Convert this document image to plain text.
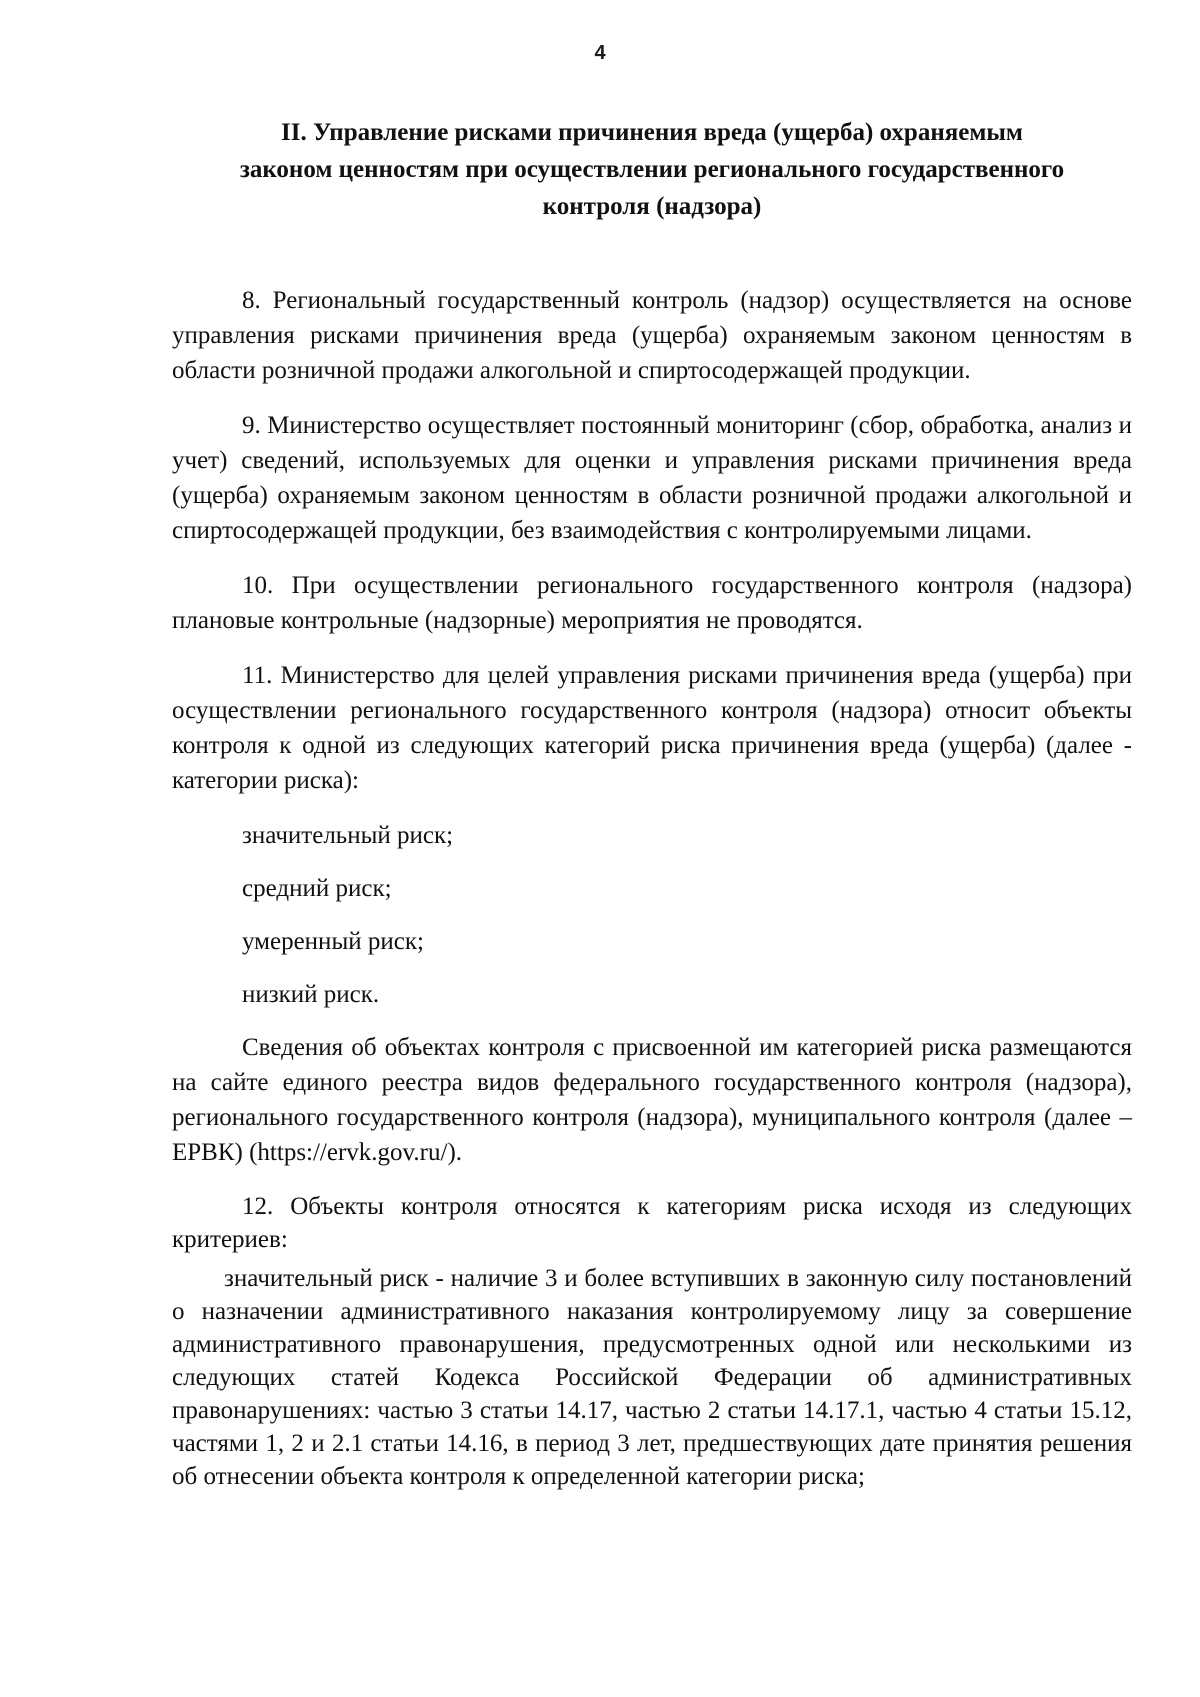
4
II. Управление рисками причинения вреда (ущерба) охраняемым
законом ценностям при осуществлении регионального государственного
контроля (надзора)

8. Региональный государственный контроль (надзор) осуществляется на основе управления рисками причинения вреда (ущерба) охраняемым законом ценностям в области розничной продажи алкогольной и спиртосодержащей продукции.

9. Министерство осуществляет постоянный мониторинг (сбор, обработка, анализ и учет) сведений, используемых для оценки и управления рисками причинения вреда (ущерба) охраняемым законом ценностям в области розничной продажи алкогольной и спиртосодержащей продукции, без взаимодействия с контролируемыми лицами.

10. При осуществлении регионального государственного контроля (надзора) плановые контрольные (надзорные) мероприятия не проводятся.

11. Министерство для целей управления рисками причинения вреда (ущерба) при осуществлении регионального государственного контроля (надзора) относит объекты контроля к одной из следующих категорий риска причинения вреда (ущерба) (далее - категории риска):

значительный риск;
средний риск;
умеренный риск;
низкий риск.

Сведения об объектах контроля с присвоенной им категорией риска размещаются на сайте единого реестра видов федерального государственного контроля (надзора), регионального государственного контроля (надзора), муниципального контроля (далее – ЕРВК) (https://ervk.gov.ru/).

12. Объекты контроля относятся к категориям риска исходя из следующих критериев:

значительный риск - наличие 3 и более вступивших в законную силу постановлений о назначении административного наказания контролируемому лицу за совершение административного правонарушения, предусмотренных одной или несколькими из следующих статей Кодекса Российской Федерации об административных правонарушениях: частью 3 статьи 14.17, частью 2 статьи 14.17.1, частью 4 статьи 15.12, частями 1, 2 и 2.1 статьи 14.16, в период 3 лет, предшествующих дате принятия решения об отнесении объекта контроля к определенной категории риска;
